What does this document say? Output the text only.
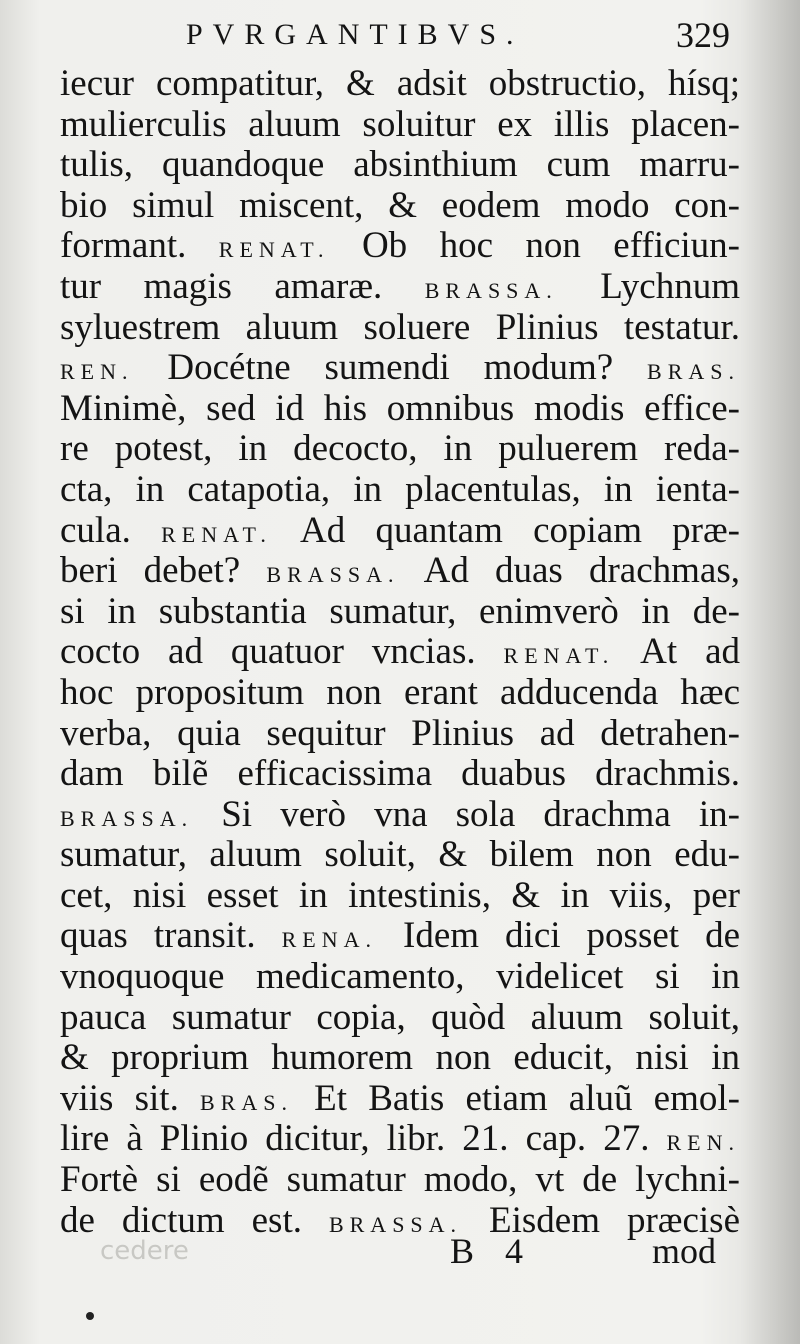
PVRGANTIBVS.	329
iecur compatitur, & adsit obstructio, hísq;
mulierculis aluum soluitur ex illis placen-
tulis, quandoque absinthium cum marru-
bio simul miscent, & eodem modo con-
formant. RENAT. Ob hoc non efficiun-
tur magis amaræ. BRASSA. Lychnum
syluestrem aluum soluere Plinius testatur.
REN. Docétne sumendi modum? BRAS.
Minimè, sed id his omnibus modis effice-
re potest, in decocto, in puluerem reda-
cta, in catapotia, in placentulas, in ienta-
cula. RENAT. Ad quantam copiam præ-
beri debet? BRASSA. Ad duas drachmas,
si in substantia sumatur, enimverò in de-
cocto ad quatuor vncias. RENAT. At ad
hoc propositum non erant adducenda hæc
verba, quia sequitur Plinius ad detrahen-
dam bilẽ efficacissima duabus drachmis.
BRASSA. Si verò vna sola drachma in-
sumatur, aluum soluit, & bilem non edu-
cet, nisi esset in intestinis, & in viis, per
quas transit. RENA. Idem dici posset de
vnoquoque medicamento, videlicet si in
pauca sumatur copia, quòd aluum soluit,
& proprium humorem non educit, nisi in
viis sit. BRAS. Et Batis etiam aluũ emol-
lire à Plinio dicitur, libr. 21. cap. 27. REN.
Fortè si eodẽ sumatur modo, vt de lychni-
de dictum est. BRASSA. Eisdem præcisè
cedere	B 4	mod
